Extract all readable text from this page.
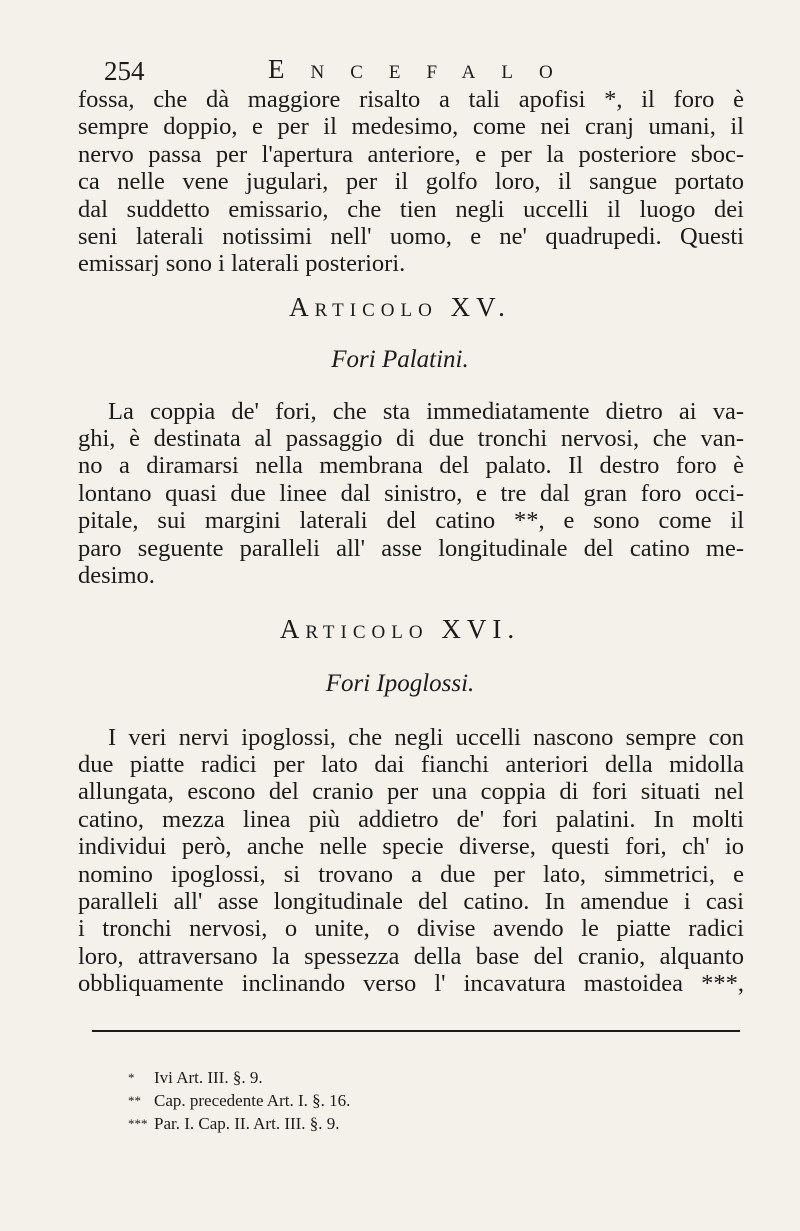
254	Encefalo
fossa, che dà maggiore risalto a tali apofisi *, il foro è
sempre doppio, e per il medesimo, come nei cranj umani, il
nervo passa per l'apertura anteriore, e per la posteriore sboc-
ca nelle vene jugulari, per il golfo loro, il sangue portato
dal suddetto emissario, che tien negli uccelli il luogo dei
seni laterali notissimi nell' uomo, e ne' quadrupedi. Questi
emissarj sono i laterali posteriori.
Articolo XV.
Fori Palatini.
La coppia de' fori, che sta immediatamente dietro ai va-
ghi, è destinata al passaggio di due tronchi nervosi, che van-
no a diramarsi nella membrana del palato. Il destro foro è
lontano quasi due linee dal sinistro, e tre dal gran foro occi-
pitale, sui margini laterali del catino **, e sono come il
paro seguente paralleli all' asse longitudinale del catino me-
desimo.
Articolo XVI.
Fori Ipoglossi.
I veri nervi ipoglossi, che negli uccelli nascono sempre con
due piatte radici per lato dai fianchi anteriori della midolla
allungata, escono del cranio per una coppia di fori situati nel
catino, mezza linea più addietro de' fori palatini. In molti
individui però, anche nelle specie diverse, questi fori, ch' io
nomino ipoglossi, si trovano a due per lato, simmetrici, e
paralleli all' asse longitudinale del catino. In amendue i casi
i tronchi nervosi, o unite, o divise avendo le piatte radici
loro, attraversano la spessezza della base del cranio, alquanto
obbliquamente inclinando verso l' incavatura mastoidea ***,
* Ivi Art. III. §. 9.
** Cap. precedente Art. I. §. 16.
*** Par. I. Cap. II. Art. III. §. 9.
